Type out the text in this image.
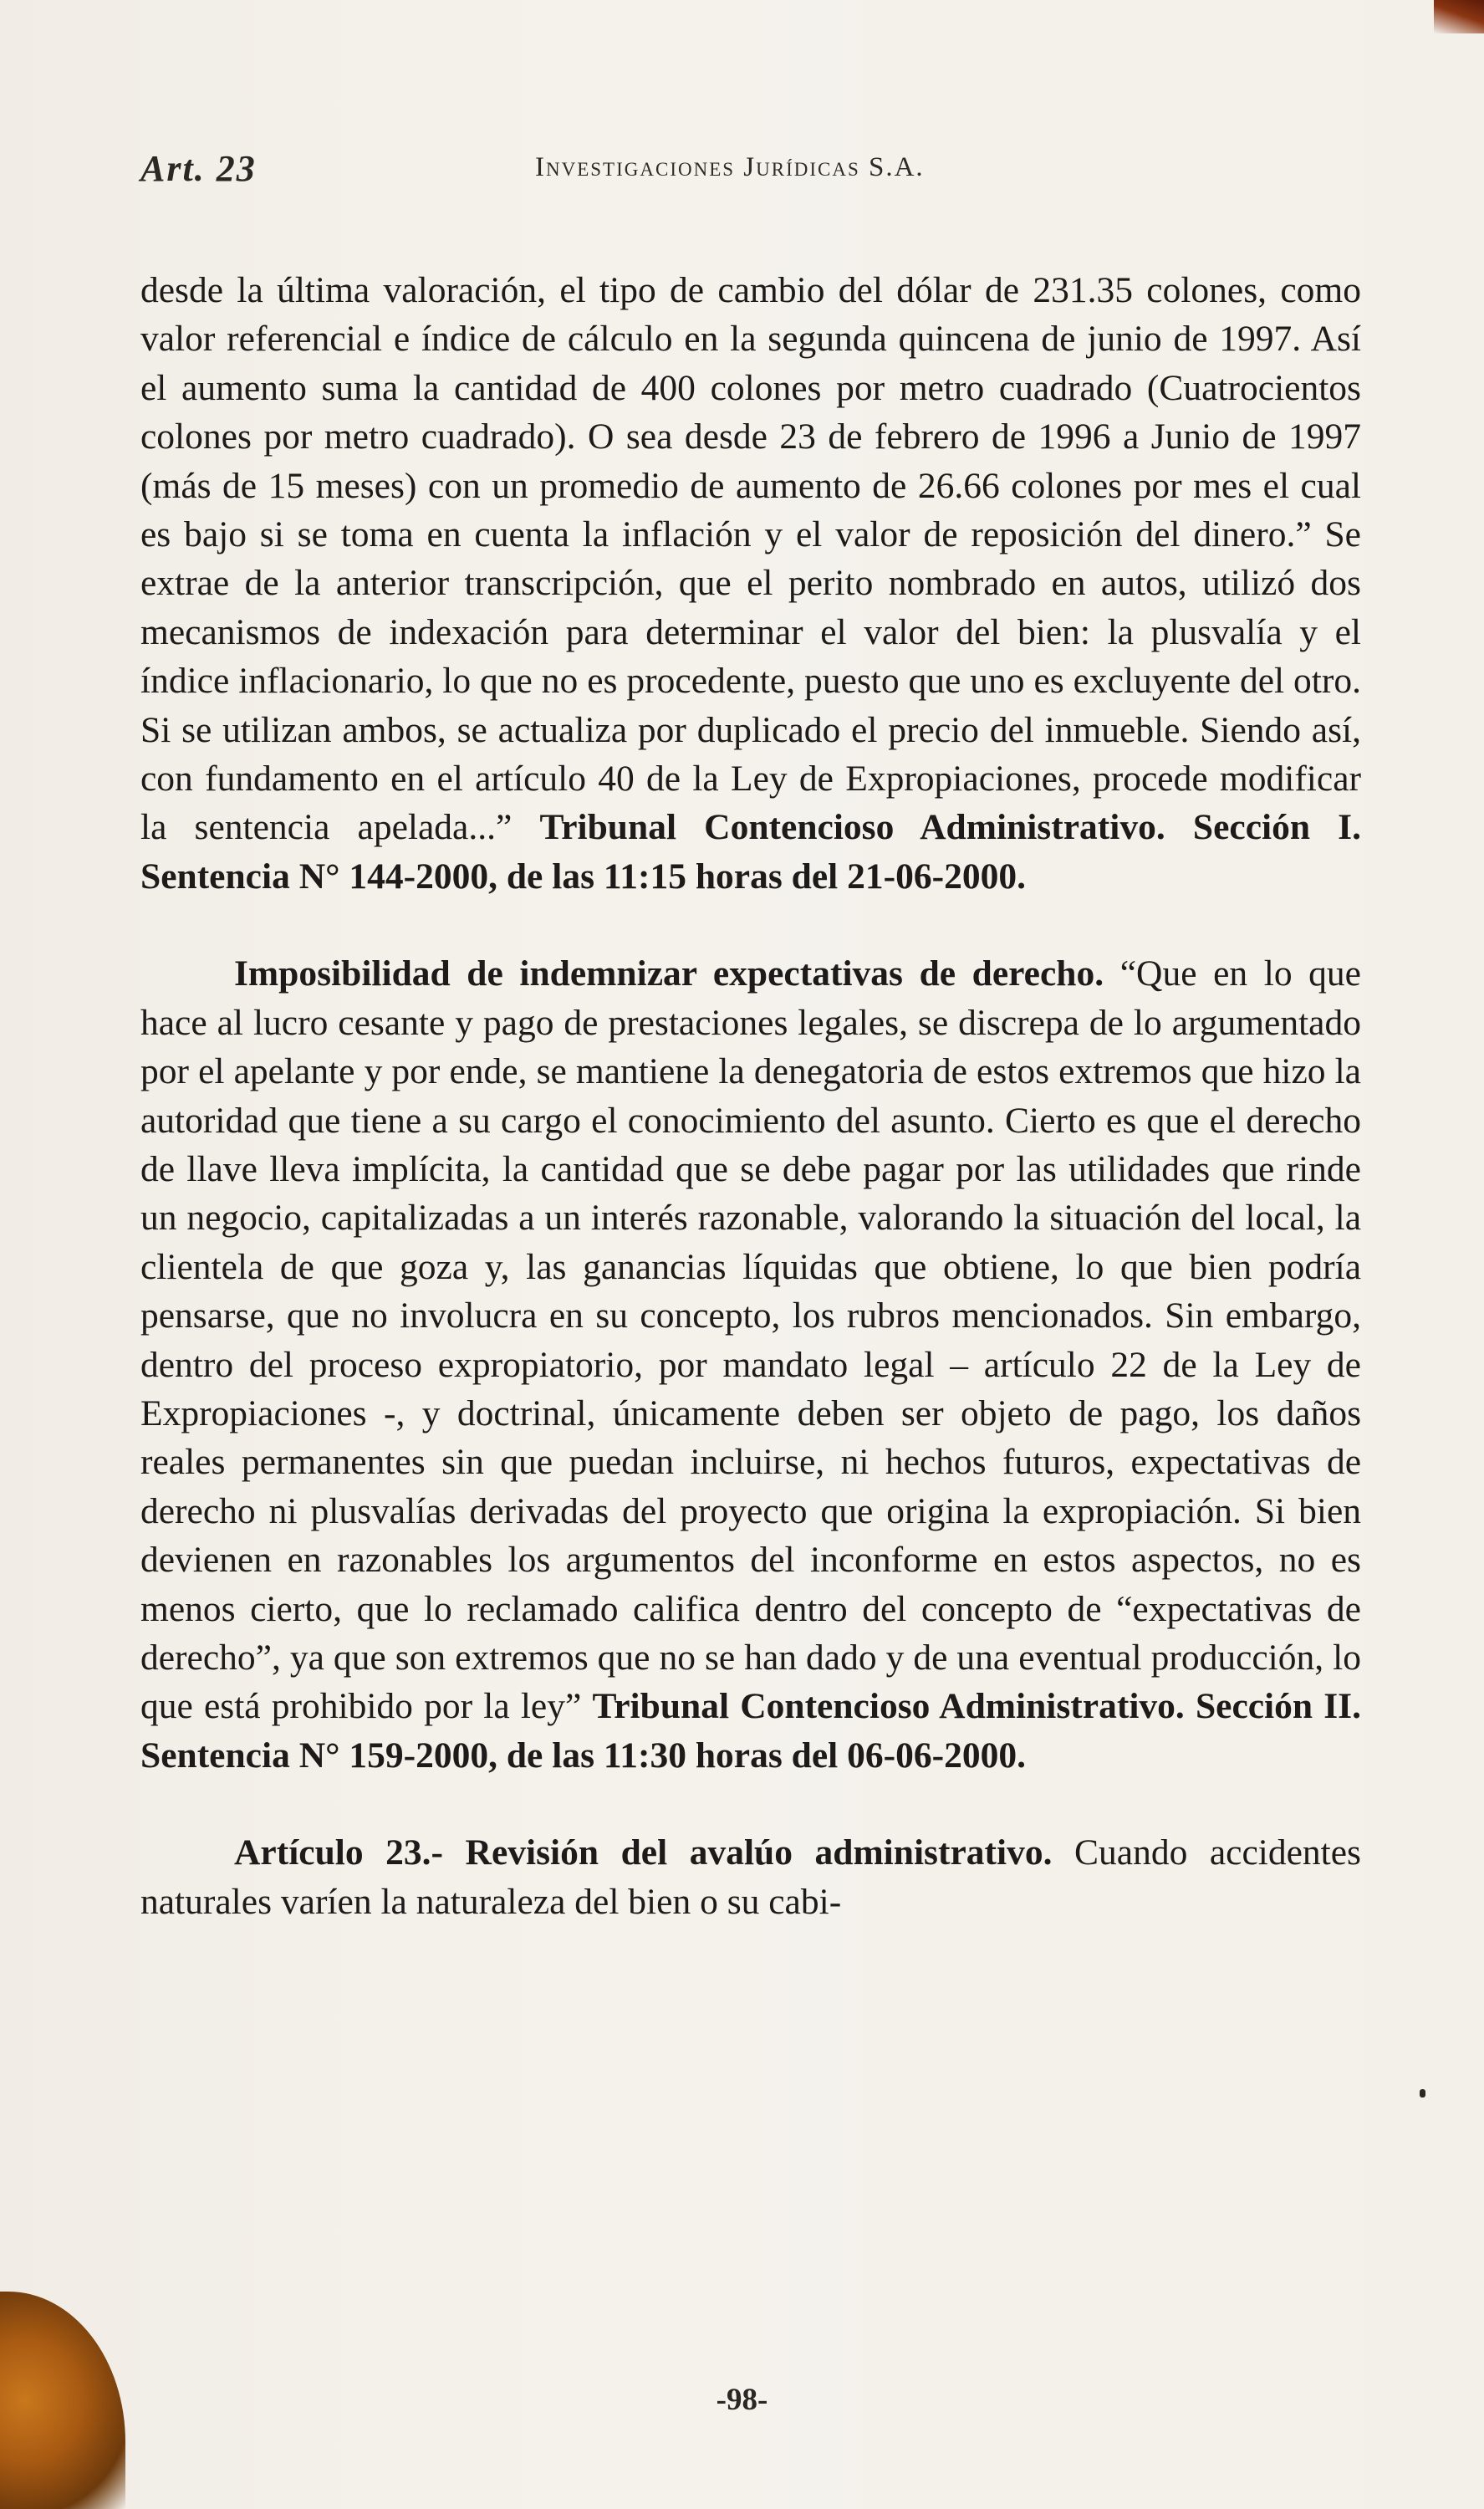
Art. 23	Investigaciones Jurídicas S.A.

desde la última valoración, el tipo de cambio del dólar de 231.35 colones, como valor referencial e índice de cálculo en la segunda quincena de junio de 1997. Así el aumento suma la cantidad de 400 colones por metro cuadrado (Cuatrocientos colones por metro cuadrado). O sea desde 23 de febrero de 1996 a Junio de 1997 (más de 15 meses) con un promedio de aumento de 26.66 colones por mes el cual es bajo si se toma en cuenta la inflación y el valor de reposición del dinero.” Se extrae de la anterior transcripción, que el perito nombrado en autos, utilizó dos mecanismos de indexación para determinar el valor del bien: la plusvalía y el índice inflacionario, lo que no es procedente, puesto que uno es excluyente del otro. Si se utilizan ambos, se actualiza por duplicado el precio del inmueble. Siendo así, con fundamento en el artículo 40 de la Ley de Expropiaciones, procede modificar la sentencia apelada...” Tribunal Contencioso Administrativo. Sección I. Sentencia N° 144-2000, de las 11:15 horas del 21-06-2000.

Imposibilidad de indemnizar expectativas de derecho. “Que en lo que hace al lucro cesante y pago de prestaciones legales, se discrepa de lo argumentado por el apelante y por ende, se mantiene la denegatoria de estos extremos que hizo la autoridad que tiene a su cargo el conocimiento del asunto. Cierto es que el derecho de llave lleva implícita, la cantidad que se debe pagar por las utilidades que rinde un negocio, capitalizadas a un interés razonable, valorando la situación del local, la clientela de que goza y, las ganancias líquidas que obtiene, lo que bien podría pensarse, que no involucra en su concepto, los rubros mencionados. Sin embargo, dentro del proceso expropiatorio, por mandato legal – artículo 22 de la Ley de Expropiaciones -, y doctrinal, únicamente deben ser objeto de pago, los daños reales permanentes sin que puedan incluirse, ni hechos futuros, expectativas de derecho ni plusvalías derivadas del proyecto que origina la expropiación. Si bien devienen en razonables los argumentos del inconforme en estos aspectos, no es menos cierto, que lo reclamado califica dentro del concepto de “expectativas de derecho”, ya que son extremos que no se han dado y de una eventual producción, lo que está prohibido por la ley” Tribunal Contencioso Administrativo. Sección II. Sentencia N° 159-2000, de las 11:30 horas del 06-06-2000.

Artículo 23.- Revisión del avalúo administrativo. Cuando accidentes naturales varíen la naturaleza del bien o su cabi-

-98-
